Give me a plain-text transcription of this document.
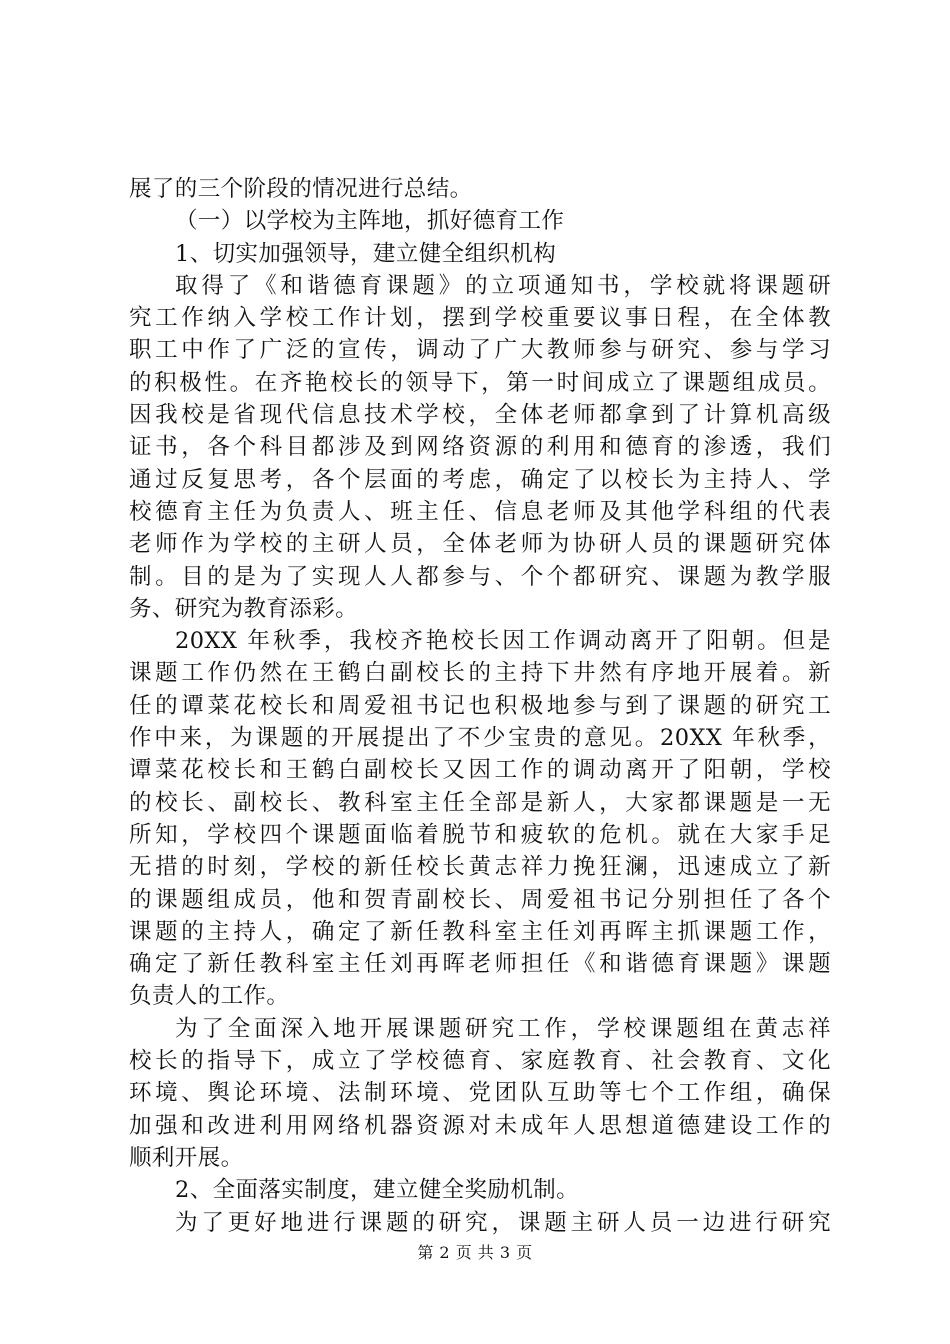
展了的三个阶段的情况进行总结。
（一）以学校为主阵地，抓好德育工作
1、切实加强领导，建立健全组织机构
取得了《和谐德育课题》的立项通知书，学校就将课题研
究工作纳入学校工作计划，摆到学校重要议事日程，在全体教
职工中作了广泛的宣传，调动了广大教师参与研究、参与学习
的积极性。在齐艳校长的领导下，第一时间成立了课题组成员。
因我校是省现代信息技术学校，全体老师都拿到了计算机高级
证书，各个科目都涉及到网络资源的利用和德育的渗透，我们
通过反复思考，各个层面的考虑，确定了以校长为主持人、学
校德育主任为负责人、班主任、信息老师及其他学科组的代表
老师作为学校的主研人员，全体老师为协研人员的课题研究体
制。目的是为了实现人人都参与、个个都研究、课题为教学服
务、研究为教育添彩。
20XX 年秋季，我校齐艳校长因工作调动离开了阳朝。但是
课题工作仍然在王鹤白副校长的主持下井然有序地开展着。新
任的谭菜花校长和周爱祖书记也积极地参与到了课题的研究工
作中来，为课题的开展提出了不少宝贵的意见。20XX 年秋季，
谭菜花校长和王鹤白副校长又因工作的调动离开了阳朝，学校
的校长、副校长、教科室主任全部是新人，大家都课题是一无
所知，学校四个课题面临着脱节和疲软的危机。就在大家手足
无措的时刻，学校的新任校长黄志祥力挽狂澜，迅速成立了新
的课题组成员，他和贺青副校长、周爱祖书记分别担任了各个
课题的主持人，确定了新任教科室主任刘再晖主抓课题工作，
确定了新任教科室主任刘再晖老师担任《和谐德育课题》课题
负责人的工作。
为了全面深入地开展课题研究工作，学校课题组在黄志祥
校长的指导下，成立了学校德育、家庭教育、社会教育、文化
环境、舆论环境、法制环境、党团队互助等七个工作组，确保
加强和改进利用网络机器资源对未成年人思想道德建设工作的
顺利开展。
2、全面落实制度，建立健全奖励机制。
为了更好地进行课题的研究，课题主研人员一边进行研究
第 2 页 共 3 页
